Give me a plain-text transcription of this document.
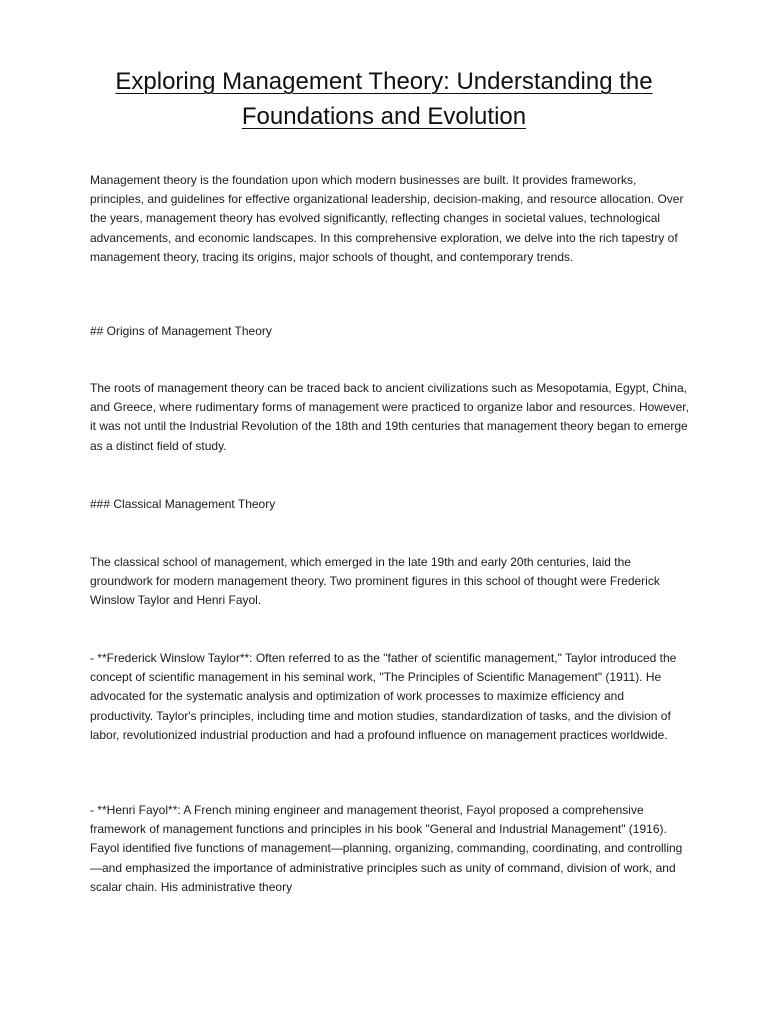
Exploring Management Theory: Understanding the
Foundations and Evolution

Management theory is the foundation upon which modern businesses are built. It provides frameworks, principles, and guidelines for effective organizational leadership, decision-making, and resource allocation. Over the years, management theory has evolved significantly, reflecting changes in societal values, technological advancements, and economic landscapes. In this comprehensive exploration, we delve into the rich tapestry of management theory, tracing its origins, major schools of thought, and contemporary trends.

## Origins of Management Theory

The roots of management theory can be traced back to ancient civilizations such as Mesopotamia, Egypt, China, and Greece, where rudimentary forms of management were practiced to organize labor and resources. However, it was not until the Industrial Revolution of the 18th and 19th centuries that management theory began to emerge as a distinct field of study.

### Classical Management Theory

The classical school of management, which emerged in the late 19th and early 20th centuries, laid the groundwork for modern management theory. Two prominent figures in this school of thought were Frederick Winslow Taylor and Henri Fayol.

- **Frederick Winslow Taylor**: Often referred to as the "father of scientific management," Taylor introduced the concept of scientific management in his seminal work, "The Principles of Scientific Management" (1911). He advocated for the systematic analysis and optimization of work processes to maximize efficiency and productivity. Taylor's principles, including time and motion studies, standardization of tasks, and the division of labor, revolutionized industrial production and had a profound influence on management practices worldwide.

- **Henri Fayol**: A French mining engineer and management theorist, Fayol proposed a comprehensive framework of management functions and principles in his book "General and Industrial Management" (1916). Fayol identified five functions of management—planning, organizing, commanding, coordinating, and controlling—and emphasized the importance of administrative principles such as unity of command, division of work, and scalar chain. His administrative theory
